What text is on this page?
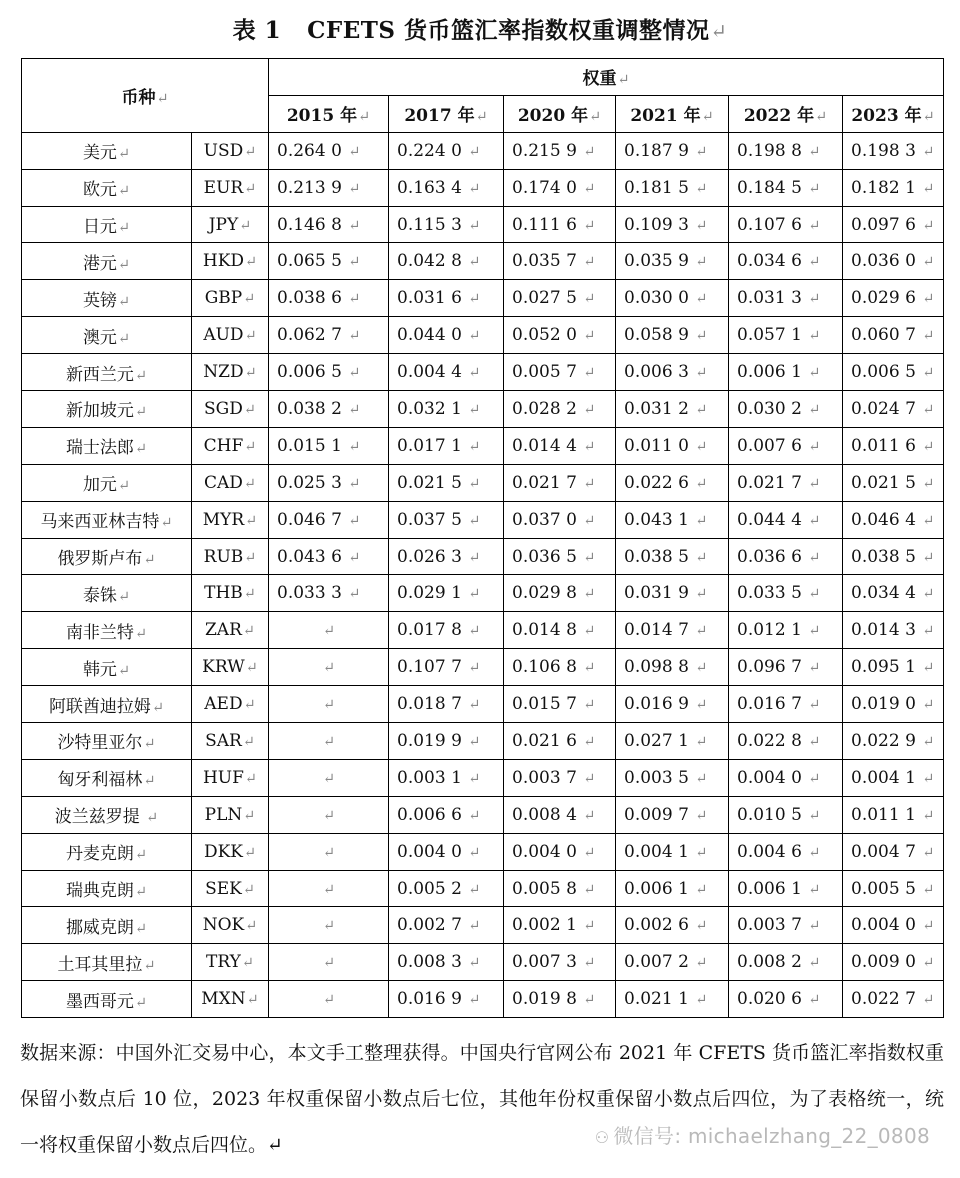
表 1 CFETS 货币篮汇率指数权重调整情况↵
币种↵		权重↵					
		2015 年↵	2017 年↵	2020 年↵	2021 年↵	2022 年↵	2023 年↵
美元↵	USD↵	0.264 0 ↵	0.224 0 ↵	0.215 9 ↵	0.187 9 ↵	0.198 8 ↵	0.198 3 ↵
欧元↵	EUR↵	0.213 9 ↵	0.163 4 ↵	0.174 0 ↵	0.181 5 ↵	0.184 5 ↵	0.182 1 ↵
日元↵	JPY↵	0.146 8 ↵	0.115 3 ↵	0.111 6 ↵	0.109 3 ↵	0.107 6 ↵	0.097 6 ↵
港元↵	HKD↵	0.065 5 ↵	0.042 8 ↵	0.035 7 ↵	0.035 9 ↵	0.034 6 ↵	0.036 0 ↵
英镑↵	GBP↵	0.038 6 ↵	0.031 6 ↵	0.027 5 ↵	0.030 0 ↵	0.031 3 ↵	0.029 6 ↵
澳元↵	AUD↵	0.062 7 ↵	0.044 0 ↵	0.052 0 ↵	0.058 9 ↵	0.057 1 ↵	0.060 7 ↵
新西兰元↵	NZD↵	0.006 5 ↵	0.004 4 ↵	0.005 7 ↵	0.006 3 ↵	0.006 1 ↵	0.006 5 ↵
新加坡元↵	SGD↵	0.038 2 ↵	0.032 1 ↵	0.028 2 ↵	0.031 2 ↵	0.030 2 ↵	0.024 7 ↵
瑞士法郎↵	CHF↵	0.015 1 ↵	0.017 1 ↵	0.014 4 ↵	0.011 0 ↵	0.007 6 ↵	0.011 6 ↵
加元↵	CAD↵	0.025 3 ↵	0.021 5 ↵	0.021 7 ↵	0.022 6 ↵	0.021 7 ↵	0.021 5 ↵
马来西亚林吉特↵	MYR↵	0.046 7 ↵	0.037 5 ↵	0.037 0 ↵	0.043 1 ↵	0.044 4 ↵	0.046 4 ↵
俄罗斯卢布↵	RUB↵	0.043 6 ↵	0.026 3 ↵	0.036 5 ↵	0.038 5 ↵	0.036 6 ↵	0.038 5 ↵
泰铢↵	THB↵	0.033 3 ↵	0.029 1 ↵	0.029 8 ↵	0.031 9 ↵	0.033 5 ↵	0.034 4 ↵
南非兰特↵	ZAR↵	↵	0.017 8 ↵	0.014 8 ↵	0.014 7 ↵	0.012 1 ↵	0.014 3 ↵
韩元↵	KRW↵	↵	0.107 7 ↵	0.106 8 ↵	0.098 8 ↵	0.096 7 ↵	0.095 1 ↵
阿联酋迪拉姆↵	AED↵	↵	0.018 7 ↵	0.015 7 ↵	0.016 9 ↵	0.016 7 ↵	0.019 0 ↵
沙特里亚尔↵	SAR↵	↵	0.019 9 ↵	0.021 6 ↵	0.027 1 ↵	0.022 8 ↵	0.022 9 ↵
匈牙利福林↵	HUF↵	↵	0.003 1 ↵	0.003 7 ↵	0.003 5 ↵	0.004 0 ↵	0.004 1 ↵
波兰兹罗提 ↵	PLN↵	↵	0.006 6 ↵	0.008 4 ↵	0.009 7 ↵	0.010 5 ↵	0.011 1 ↵
丹麦克朗↵	DKK↵	↵	0.004 0 ↵	0.004 0 ↵	0.004 1 ↵	0.004 6 ↵	0.004 7 ↵
瑞典克朗↵	SEK↵	↵	0.005 2 ↵	0.005 8 ↵	0.006 1 ↵	0.006 1 ↵	0.005 5 ↵
挪威克朗↵	NOK↵	↵	0.002 7 ↵	0.002 1 ↵	0.002 6 ↵	0.003 7 ↵	0.004 0 ↵
土耳其里拉↵	TRY↵	↵	0.008 3 ↵	0.007 3 ↵	0.007 2 ↵	0.008 2 ↵	0.009 0 ↵
墨西哥元↵	MXN↵	↵	0.016 9 ↵	0.019 8 ↵	0.021 1 ↵	0.020 6 ↵	0.022 7 ↵
数据来源：中国外汇交易中心，本文手工整理获得。中国央行官网公布 2021 年 CFETS 货币篮汇率指数权重保留小数点后 10 位，2023 年权重保留小数点后七位，其他年份权重保留小数点后四位，为了表格统一，统一将权重保留小数点后四位。↵	⚇ 微信号: michaelzhang_22_0808
